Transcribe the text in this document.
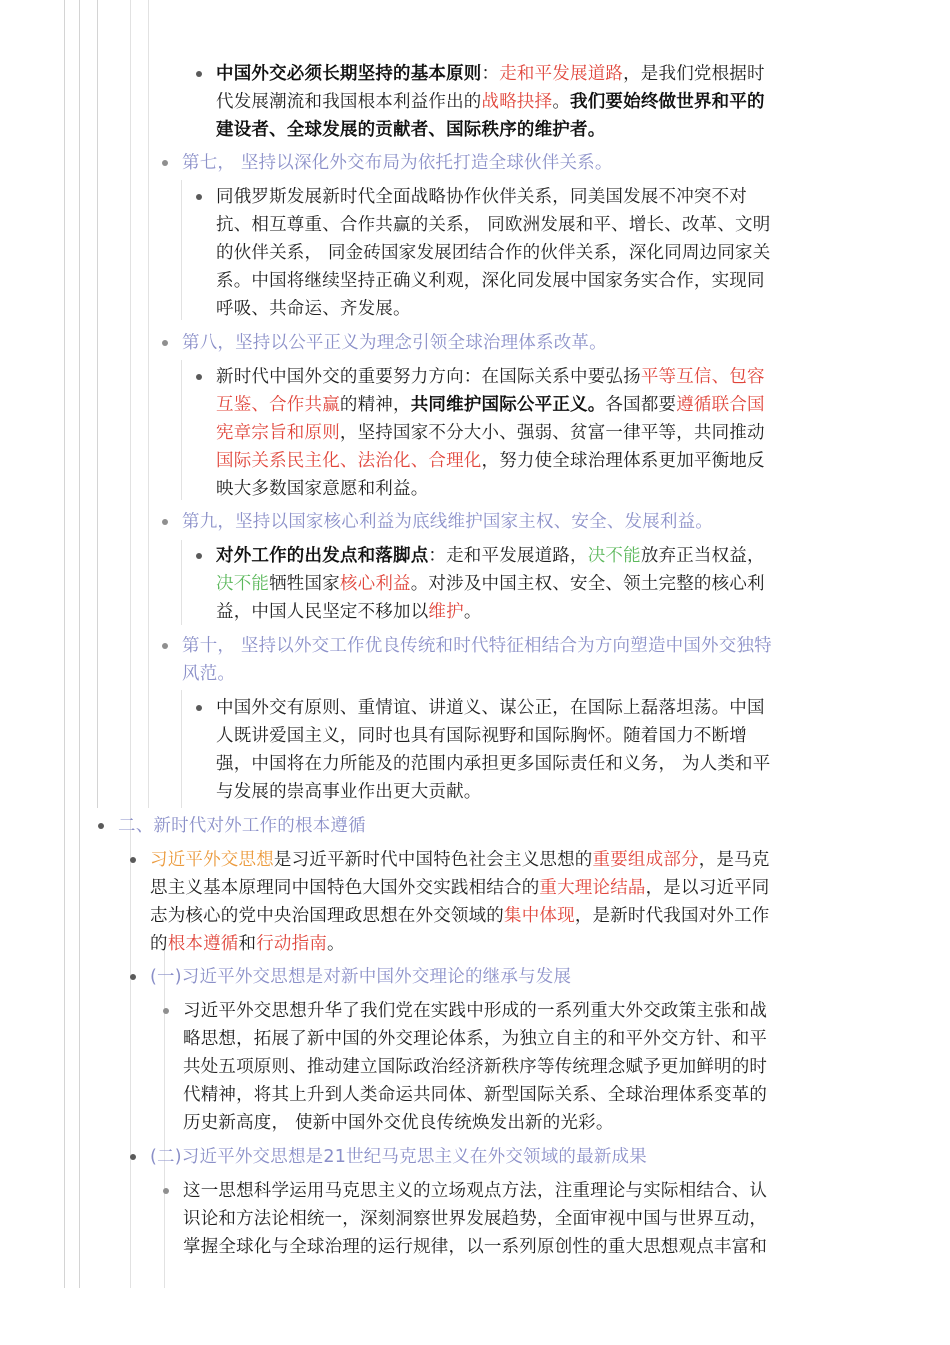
中国外交必须长期坚持的基本原则：走和平发展道路，是我们党根据时
代发展潮流和我国根本利益作出的战略抉择。我们要始终做世界和平的
建设者、全球发展的贡献者、国际秩序的维护者。
第七， 坚持以深化外交布局为依托打造全球伙伴关系。
同俄罗斯发展新时代全面战略协作伙伴关系，同美国发展不冲突不对
抗、相互尊重、合作共赢的关系， 同欧洲发展和平、增长、改革、文明
的伙伴关系， 同金砖国家发展团结合作的伙伴关系，深化同周边同家关
系。中国将继续坚持正确义利观，深化同发展中国家务实合作，实现同
呼吸、共命运、齐发展。
第八，坚持以公平正义为理念引领全球治理体系改革。
新时代中国外交的重要努力方向：在国际关系中要弘扬平等互信、包容
互鉴、合作共赢的精神，共同维护国际公平正义。各国都要遵循联合国
宪章宗旨和原则，坚持国家不分大小、强弱、贫富一律平等，共同推动
国际关系民主化、法治化、合理化，努力使全球治理体系更加平衡地反
映大多数国家意愿和利益。
第九，坚持以国家核心利益为底线维护国家主权、安全、发展利益。
对外工作的出发点和落脚点：走和平发展道路，决不能放弃正当权益，
决不能牺牲国家核心利益。对涉及中国主权、安全、领土完整的核心利
益，中国人民坚定不移加以维护。
第十， 坚持以外交工作优良传统和时代特征相结合为方向塑造中国外交独特
风范。
中国外交有原则、重情谊、讲道义、谋公正，在国际上磊落坦荡。中国
人既讲爱国主义，同时也具有国际视野和国际胸怀。随着国力不断增
强，中国将在力所能及的范围内承担更多国际责任和义务， 为人类和平
与发展的崇高事业作出更大贡献。
二、新时代对外工作的根本遵循
习近平外交思想是习近平新时代中国特色社会主义思想的重要组成部分，是马克
思主义基本原理同中国特色大国外交实践相结合的重大理论结晶，是以习近平同
志为核心的党中央治国理政思想在外交领域的集中体现，是新时代我国对外工作
的根本遵循和行动指南。
(一)习近平外交思想是对新中国外交理论的继承与发展
习近平外交思想升华了我们党在实践中形成的一系列重大外交政策主张和战
略思想，拓展了新中国的外交理论体系，为独立自主的和平外交方针、和平
共处五项原则、推动建立国际政治经济新秩序等传统理念赋予更加鲜明的时
代精神，将其上升到人类命运共同体、新型国际关系、全球治理体系变革的
历史新高度， 使新中国外交优良传统焕发出新的光彩。
(二)习近平外交思想是21世纪马克思主义在外交领域的最新成果
这一思想科学运用马克思主义的立场观点方法，注重理论与实际相结合、认
识论和方法论相统一，深刻洞察世界发展趋势，全面审视中国与世界互动，
掌握全球化与全球治理的运行规律，以一系列原创性的重大思想观点丰富和
